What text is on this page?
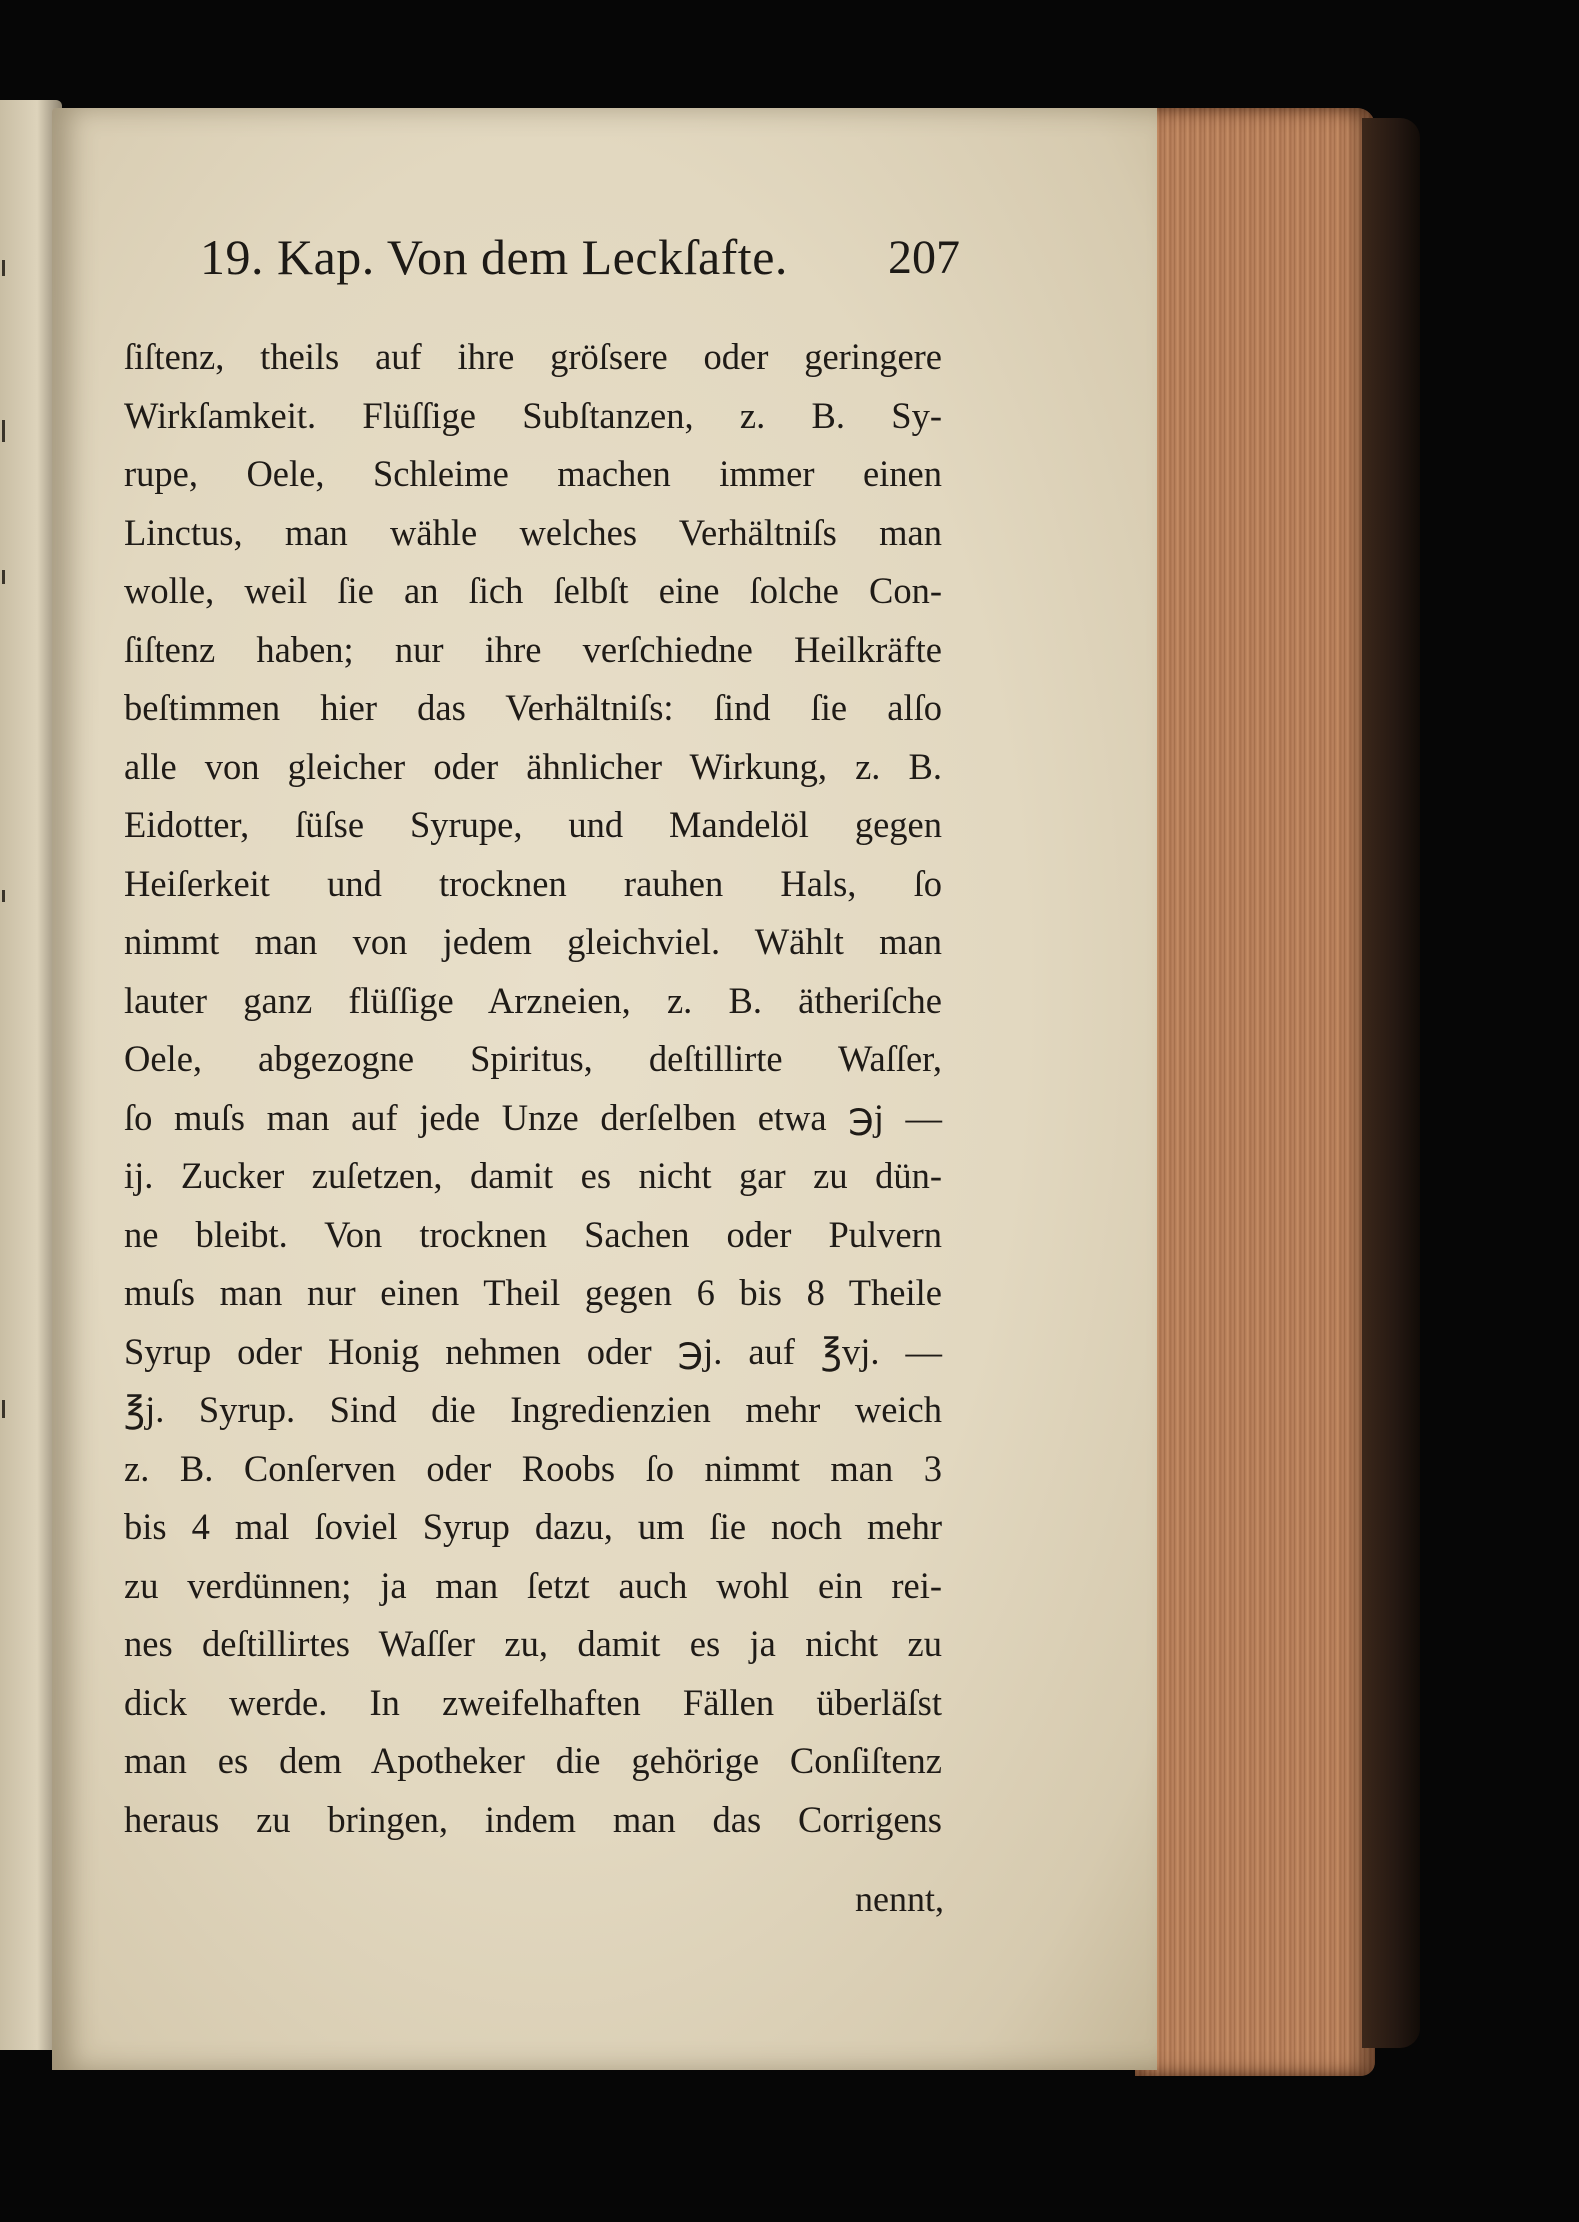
19. Kap. Von dem Leckſafte. 207
ſiſtenz, theils auf ihre gröſsere oder geringere
Wirkſamkeit. Flüſſige Subſtanzen, z. B. Sy-
rupe, Oele, Schleime machen immer einen
Linctus, man wähle welches Verhältniſs man
wolle, weil ſie an ſich ſelbſt eine ſolche Con-
ſiſtenz haben; nur ihre verſchiedne Heilkräfte
beſtimmen hier das Verhältniſs: ſind ſie alſo
alle von gleicher oder ähnlicher Wirkung, z. B.
Eidotter, ſüſse Syrupe, und Mandelöl gegen
Heiſerkeit und trocknen rauhen Hals, ſo
nimmt man von jedem gleichviel. Wählt man
lauter ganz flüſſige Arzneien, z. B. ätheriſche
Oele, abgezogne Spiritus, deſtillirte Waſſer,
ſo muſs man auf jede Unze derſelben etwa ℈j —
ij. Zucker zuſetzen, damit es nicht gar zu dün-
ne bleibt. Von trocknen Sachen oder Pulvern
muſs man nur einen Theil gegen 6 bis 8 Theile
Syrup oder Honig nehmen oder ℈j. auf ℥vj. —
℥j. Syrup. Sind die Ingredienzien mehr weich
z. B. Conſerven oder Roobs ſo nimmt man 3
bis 4 mal ſoviel Syrup dazu, um ſie noch mehr
zu verdünnen; ja man ſetzt auch wohl ein rei-
nes deſtillirtes Waſſer zu, damit es ja nicht zu
dick werde. In zweifelhaften Fällen überläſst
man es dem Apotheker die gehörige Conſiſtenz
heraus zu bringen, indem man das Corrigens
nennt,
